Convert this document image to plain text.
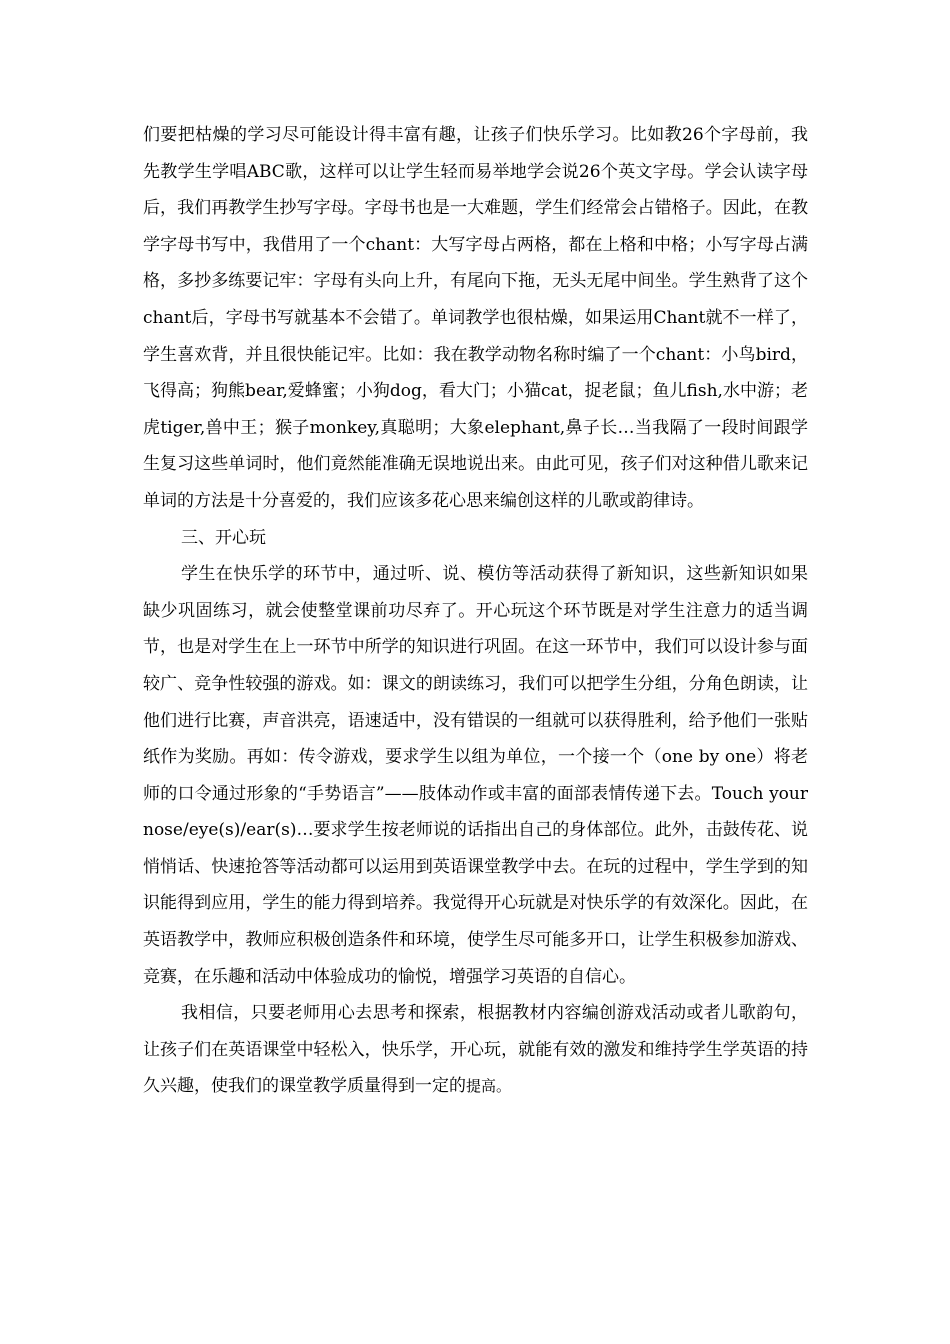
们要把枯燥的学习尽可能设计得丰富有趣，让孩子们快乐学习。比如教26个字母前，我先教学生学唱ABC歌，这样可以让学生轻而易举地学会说26个英文字母。学会认读字母后，我们再教学生抄写字母。字母书也是一大难题，学生们经常会占错格子。因此，在教学字母书写中，我借用了一个chant：大写字母占两格，都在上格和中格；小写字母占满格，多抄多练要记牢：字母有头向上升，有尾向下拖，无头无尾中间坐。学生熟背了这个chant后，字母书写就基本不会错了。单词教学也很枯燥，如果运用Chant就不一样了，学生喜欢背，并且很快能记牢。比如：我在教学动物名称时编了一个chant：小鸟bird，飞得高；狗熊bear,爱蜂蜜；小狗dog，看大门；小猫cat，捉老鼠；鱼儿fish,水中游；老虎tiger,兽中王；猴子monkey,真聪明；大象elephant,鼻子长…当我隔了一段时间跟学生复习这些单词时，他们竟然能准确无误地说出来。由此可见，孩子们对这种借儿歌来记单词的方法是十分喜爱的，我们应该多花心思来编创这样的儿歌或韵律诗。

三、开心玩

学生在快乐学的环节中，通过听、说、模仿等活动获得了新知识，这些新知识如果缺少巩固练习，就会使整堂课前功尽弃了。开心玩这个环节既是对学生注意力的适当调节，也是对学生在上一环节中所学的知识进行巩固。在这一环节中，我们可以设计参与面较广、竞争性较强的游戏。如：课文的朗读练习，我们可以把学生分组，分角色朗读，让他们进行比赛，声音洪亮，语速适中，没有错误的一组就可以获得胜利，给予他们一张贴纸作为奖励。再如：传令游戏，要求学生以组为单位，一个接一个（one by one）将老师的口令通过形象的“手势语言”——肢体动作或丰富的面部表情传递下去。Touch your nose/eye(s)/ear(s)…要求学生按老师说的话指出自己的身体部位。此外，击鼓传花、说悄悄话、快速抢答等活动都可以运用到英语课堂教学中去。在玩的过程中，学生学到的知识能得到应用，学生的能力得到培养。我觉得开心玩就是对快乐学的有效深化。因此，在英语教学中，教师应积极创造条件和环境，使学生尽可能多开口，让学生积极参加游戏、竞赛，在乐趣和活动中体验成功的愉悦，增强学习英语的自信心。

我相信，只要老师用心去思考和探索，根据教材内容编创游戏活动或者儿歌韵句，让孩子们在英语课堂中轻松入，快乐学，开心玩，就能有效的激发和维持学生学英语的持久兴趣，使我们的课堂教学质量得到一定的提高。
